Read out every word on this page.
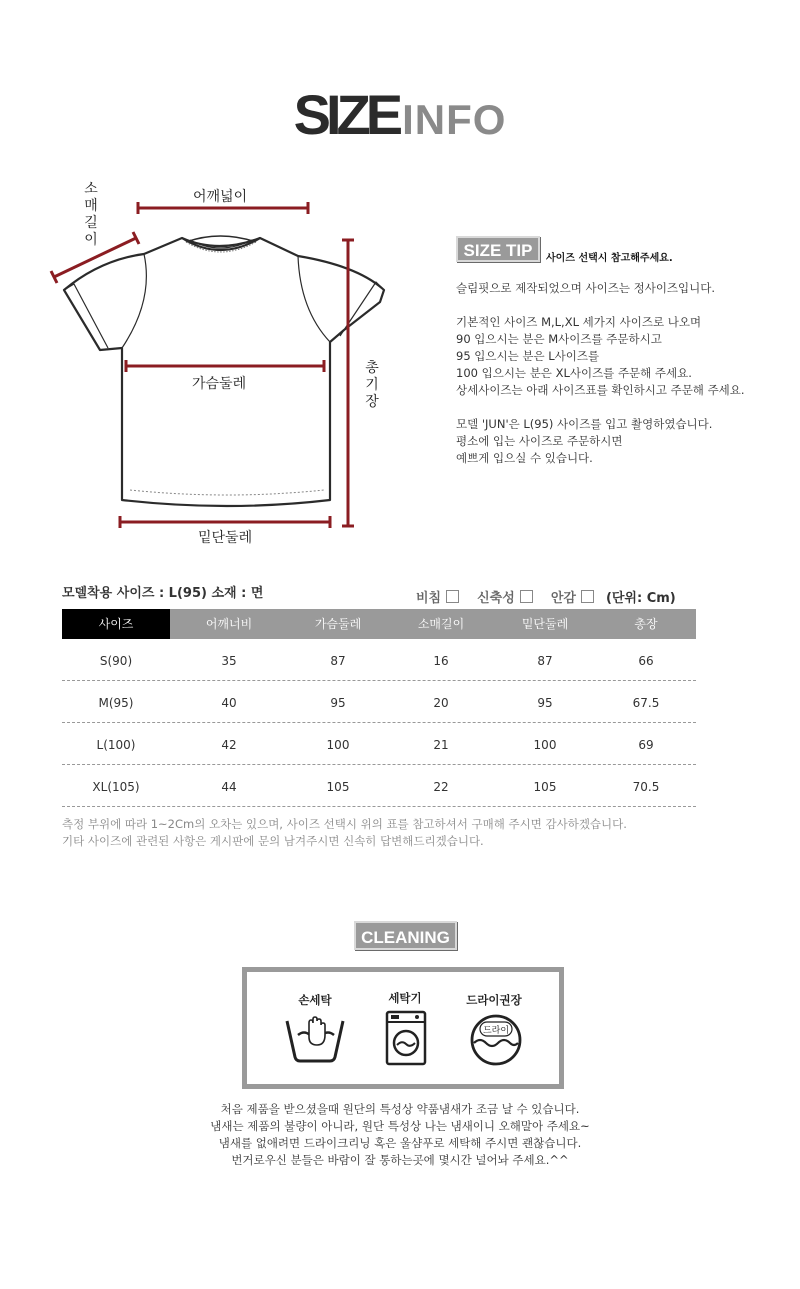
SIZEINFO
소
매
길
이
어깨넓이
가슴둘레
총
기
장
밑단둘레
SIZE TIP	사이즈 선택시 참고해주세요.
슬림핏으로 제작되었으며 사이즈는 정사이즈입니다.
기본적인 사이즈 M,L,XL 세가지 사이즈로 나오며
90 입으시는 분은 M사이즈를 주문하시고
95 입으시는 분은 L사이즈를
100 입으시는 분은 XL사이즈를 주문해 주세요.
상세사이즈는 아래 사이즈표를 확인하시고 주문해 주세요.
모델 'JUN'은 L(95) 사이즈를 입고 촬영하였습니다.
평소에 입는 사이즈로 주문하시면
예쁘게 입으실 수 있습니다.
모델착용 사이즈 : L(95) 소재 : 면	비침	신축성	안감 (단위: Cm)
사이즈	어깨너비	가슴둘레	소매길이	밑단둘레	총장
S(90)	35	87	16	87	66
M(95)	40	95	20	95	67.5
L(100)	42	100	21	100	69
XL(105)	44	105	22	105	70.5
측정 부위에 따라 1~2Cm의 오차는 있으며, 사이즈 선택시 위의 표를 참고하셔서 구매해 주시면 감사하겠습니다.
기타 사이즈에 관련된 사항은 게시판에 문의 남겨주시면 신속히 답변해드리겠습니다.
CLEANING
손세탁	세탁기	드라이권장
드라이
처음 제품을 받으셨을때 원단의 특성상 약품냄새가 조금 날 수 있습니다.
냄새는 제품의 불량이 아니라, 원단 특성상 나는 냄새이니 오해말아 주세요~
냄새를 없애려면 드라이크리닝 혹은 울샴푸로 세탁해 주시면 괜찮습니다.
번거로우신 분들은 바람이 잘 통하는곳에 몇시간 널어놔 주세요.^^
